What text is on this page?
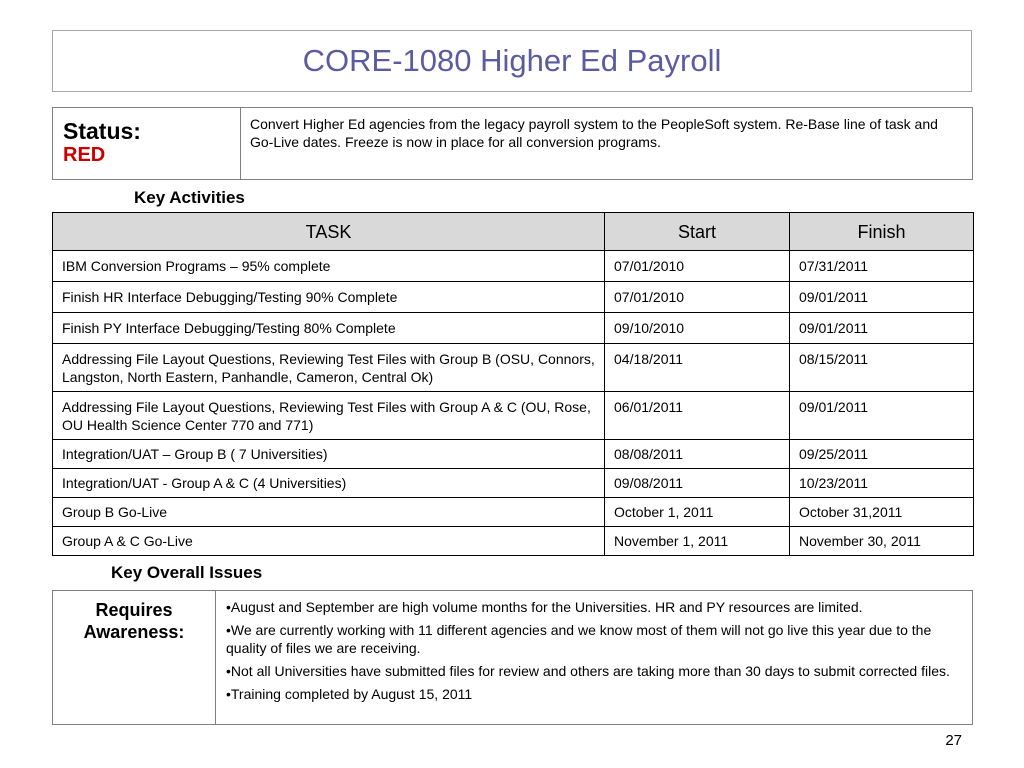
CORE-1080 Higher Ed Payroll
Status:
RED
	Convert Higher Ed agencies from the legacy payroll system to the PeopleSoft system. Re-Base line of task and Go-Live dates. Freeze is now in place for all conversion programs.
Key Activities
TASK	Start	Finish
IBM Conversion Programs – 95% complete	07/01/2010	07/31/2011
Finish HR Interface Debugging/Testing 90% Complete	07/01/2010	09/01/2011
Finish PY Interface Debugging/Testing 80% Complete	09/10/2010	09/01/2011
Addressing File Layout Questions, Reviewing Test Files with Group B (OSU, Connors, Langston, North Eastern, Panhandle, Cameron, Central Ok)	04/18/2011	08/15/2011
Addressing File Layout Questions, Reviewing Test Files with Group A & C (OU, Rose, OU Health Science Center 770 and 771)	06/01/2011	09/01/2011
Integration/UAT – Group B ( 7 Universities)	08/08/2011	09/25/2011
Integration/UAT - Group A & C (4 Universities)	09/08/2011	10/23/2011
Group B Go-Live	October 1, 2011	October 31,2011
Group A & C Go-Live	November 1, 2011	November 30, 2011
Key Overall Issues
Requires Awareness:	
•August and September are high volume months for the Universities. HR and PY resources are limited.
•We are currently working with 11 different agencies and we know most of them will not go live this year due to the quality of files we are receiving.
•Not all Universities have submitted files for review and others are taking more than 30 days to submit corrected files.
•Training completed by August 15, 2011
27
